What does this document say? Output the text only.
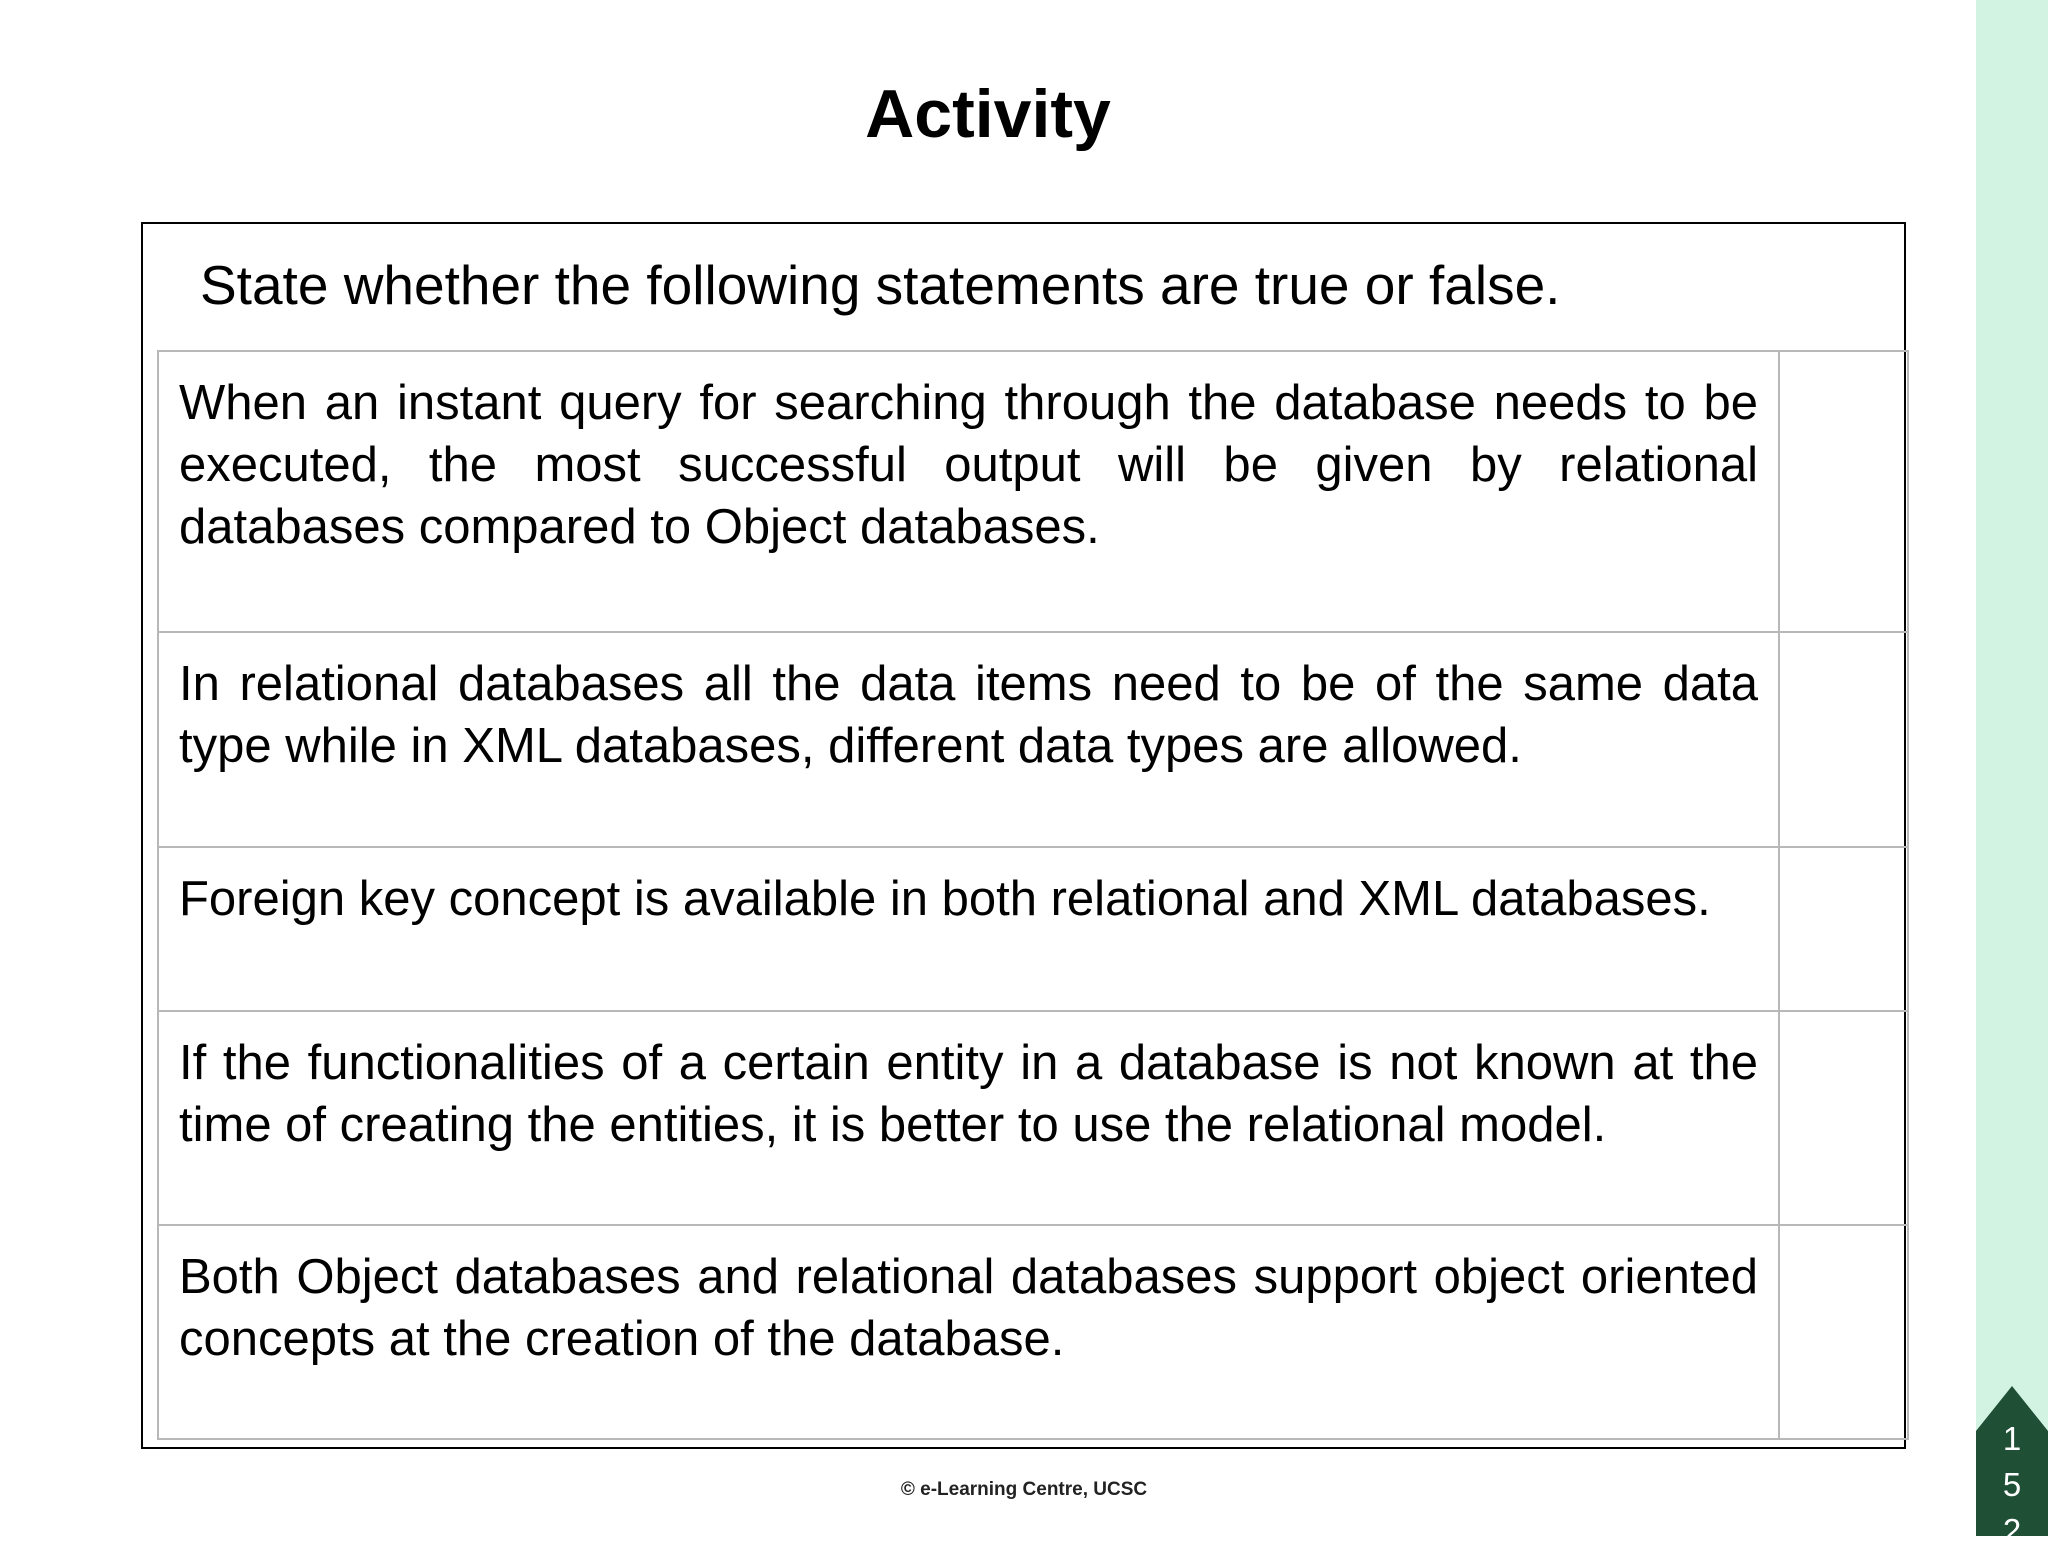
1
5
2
Activity
State whether the following statements are true or false.
When an instant query for searching through the database needs to be executed, the most successful output will be given by relational databases compared to Object databases.	
In relational databases all the data items need to be of the same data type while in XML databases, different data types are allowed.	
Foreign key concept is available in both relational and XML databases.	
If the functionalities of a certain entity in a database is not known at the time of creating the entities, it is better to use the relational model.	
Both Object databases and relational databases support object oriented concepts at the creation of the database.	
© e-Learning Centre, UCSC
